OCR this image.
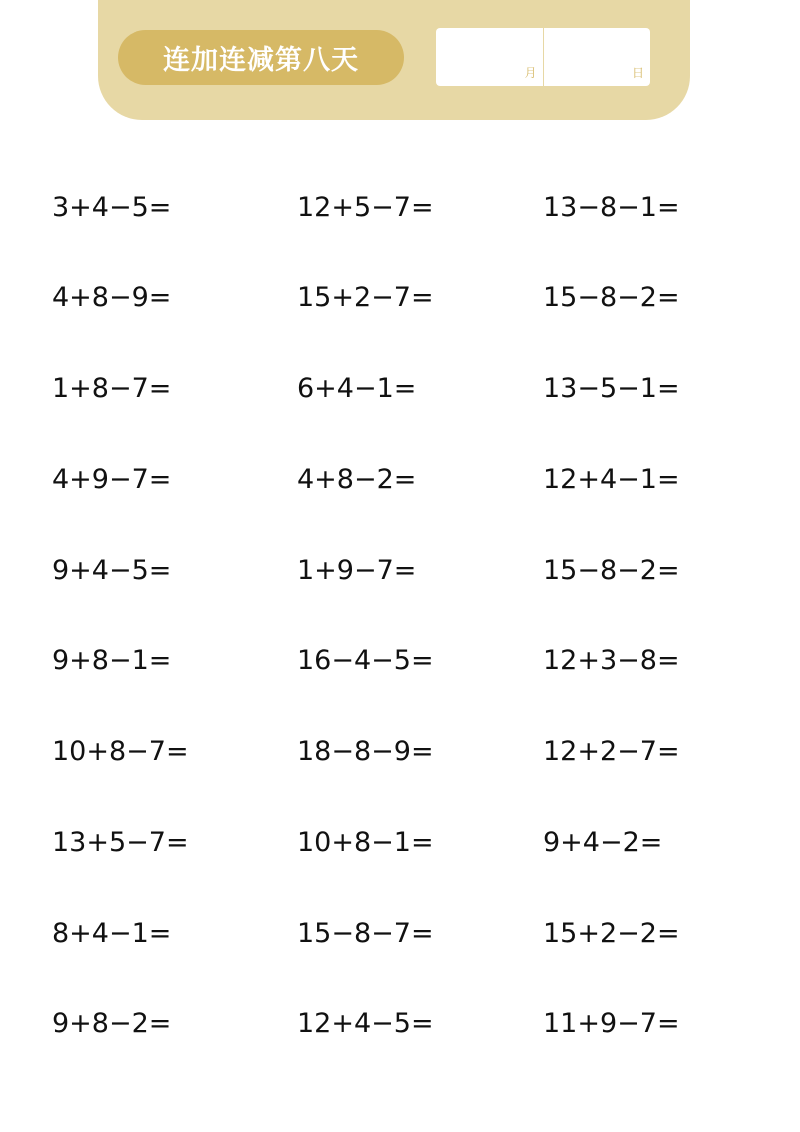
连加连减第八天	月	日
3+4−5=	12+5−7=	13−8−1=
4+8−9=	15+2−7=	15−8−2=
1+8−7=	6+4−1=	13−5−1=
4+9−7=	4+8−2=	12+4−1=
9+4−5=	1+9−7=	15−8−2=
9+8−1=	16−4−5=	12+3−8=
10+8−7=	18−8−9=	12+2−7=
13+5−7=	10+8−1=	9+4−2=
8+4−1=	15−8−7=	15+2−2=
9+8−2=	12+4−5=	11+9−7=
